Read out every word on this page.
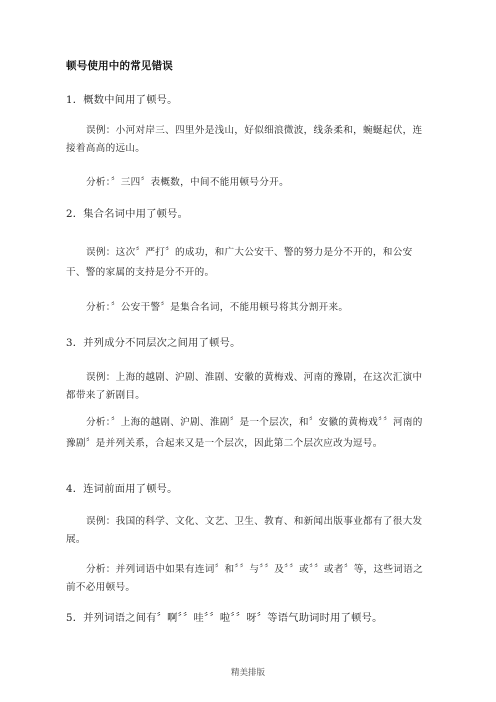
顿号使用中的常见错误
1．概数中间用了顿号。
误例：小河对岸三、四里外是浅山，好似细浪微波，线条柔和，蜿蜒起伏，连接着高高的远山。
分析：〞三四〞表概数，中间不能用顿号分开。
2．集合名词中用了顿号。
误例：这次〞严打〞的成功，和广大公安干、警的努力是分不开的，和公安干、警的家属的支持是分不开的。
分析：〞公安干警〞是集合名词，不能用顿号将其分割开来。
3．并列成分不同层次之间用了顿号。
误例：上海的越剧、沪剧、淮剧、安徽的黄梅戏、河南的豫剧，在这次汇演中都带来了新剧目。
分析：〞上海的越剧、沪剧、淮剧〞是一个层次，和〞安徽的黄梅戏〞〞河南的豫剧〞是并列关系，合起来又是一个层次，因此第二个层次应改为逗号。
4．连词前面用了顿号。
误例：我国的科学、文化、文艺、卫生、教育、和新闻出版事业都有了很大发展。
分析：并列词语中如果有连词〞和〞〞与〞〞及〞〞或〞〞或者〞等，这些词语之前不必用顿号。
5．并列词语之间有〞啊〞〞哇〞〞啦〞〞呀〞等语气助词时用了顿号。
精美排版
